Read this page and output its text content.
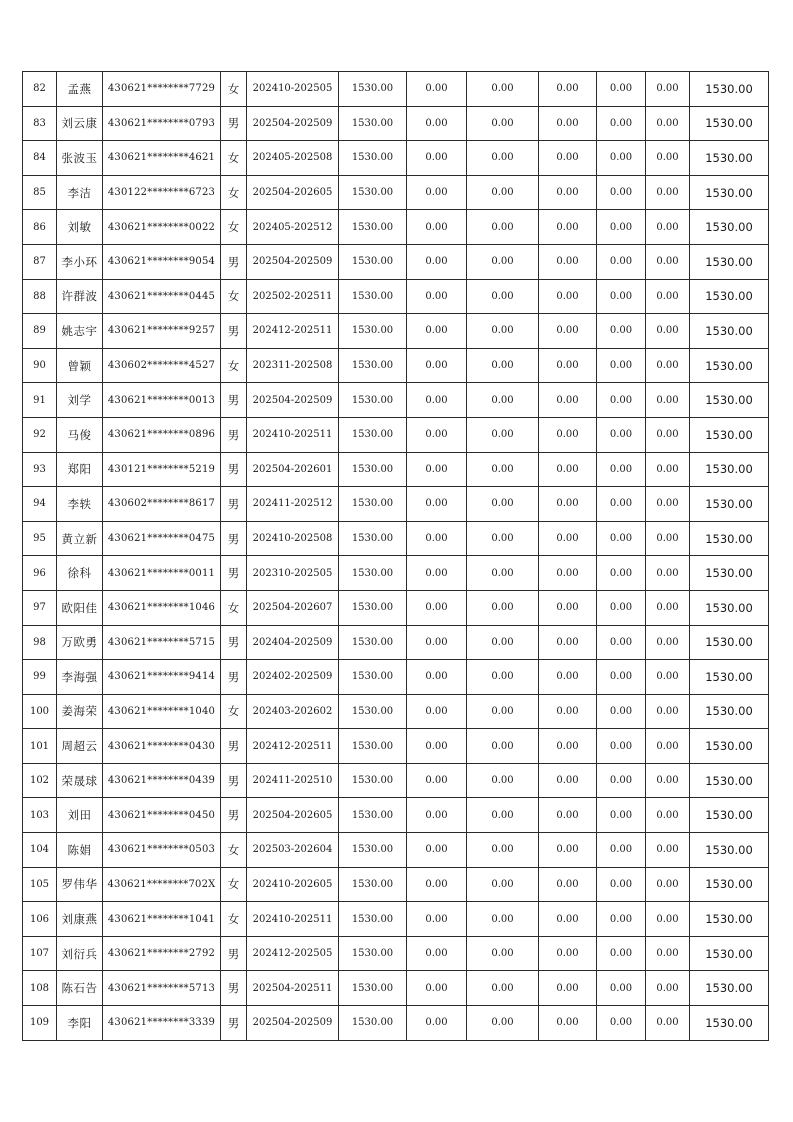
82	孟燕	430621********7729	女	202410-202505	1530.00	0.00	0.00	0.00	0.00	0.00	1530.00
83	刘云康	430621********0793	男	202504-202509	1530.00	0.00	0.00	0.00	0.00	0.00	1530.00
84	张波玉	430621********4621	女	202405-202508	1530.00	0.00	0.00	0.00	0.00	0.00	1530.00
85	李洁	430122********6723	女	202504-202605	1530.00	0.00	0.00	0.00	0.00	0.00	1530.00
86	刘敏	430621********0022	女	202405-202512	1530.00	0.00	0.00	0.00	0.00	0.00	1530.00
87	李小环	430621********9054	男	202504-202509	1530.00	0.00	0.00	0.00	0.00	0.00	1530.00
88	许群波	430621********0445	女	202502-202511	1530.00	0.00	0.00	0.00	0.00	0.00	1530.00
89	姚志宇	430621********9257	男	202412-202511	1530.00	0.00	0.00	0.00	0.00	0.00	1530.00
90	曾颖	430602********4527	女	202311-202508	1530.00	0.00	0.00	0.00	0.00	0.00	1530.00
91	刘学	430621********0013	男	202504-202509	1530.00	0.00	0.00	0.00	0.00	0.00	1530.00
92	马俊	430621********0896	男	202410-202511	1530.00	0.00	0.00	0.00	0.00	0.00	1530.00
93	郑阳	430121********5219	男	202504-202601	1530.00	0.00	0.00	0.00	0.00	0.00	1530.00
94	李轶	430602********8617	男	202411-202512	1530.00	0.00	0.00	0.00	0.00	0.00	1530.00
95	黄立新	430621********0475	男	202410-202508	1530.00	0.00	0.00	0.00	0.00	0.00	1530.00
96	徐科	430621********0011	男	202310-202505	1530.00	0.00	0.00	0.00	0.00	0.00	1530.00
97	欧阳佳	430621********1046	女	202504-202607	1530.00	0.00	0.00	0.00	0.00	0.00	1530.00
98	万欧勇	430621********5715	男	202404-202509	1530.00	0.00	0.00	0.00	0.00	0.00	1530.00
99	李海强	430621********9414	男	202402-202509	1530.00	0.00	0.00	0.00	0.00	0.00	1530.00
100	姜海荣	430621********1040	女	202403-202602	1530.00	0.00	0.00	0.00	0.00	0.00	1530.00
101	周超云	430621********0430	男	202412-202511	1530.00	0.00	0.00	0.00	0.00	0.00	1530.00
102	荣晟球	430621********0439	男	202411-202510	1530.00	0.00	0.00	0.00	0.00	0.00	1530.00
103	刘田	430621********0450	男	202504-202605	1530.00	0.00	0.00	0.00	0.00	0.00	1530.00
104	陈娟	430621********0503	女	202503-202604	1530.00	0.00	0.00	0.00	0.00	0.00	1530.00
105	罗伟华	430621********702X	女	202410-202605	1530.00	0.00	0.00	0.00	0.00	0.00	1530.00
106	刘康燕	430621********1041	女	202410-202511	1530.00	0.00	0.00	0.00	0.00	0.00	1530.00
107	刘衍兵	430621********2792	男	202412-202505	1530.00	0.00	0.00	0.00	0.00	0.00	1530.00
108	陈石告	430621********5713	男	202504-202511	1530.00	0.00	0.00	0.00	0.00	0.00	1530.00
109	李阳	430621********3339	男	202504-202509	1530.00	0.00	0.00	0.00	0.00	0.00	1530.00
